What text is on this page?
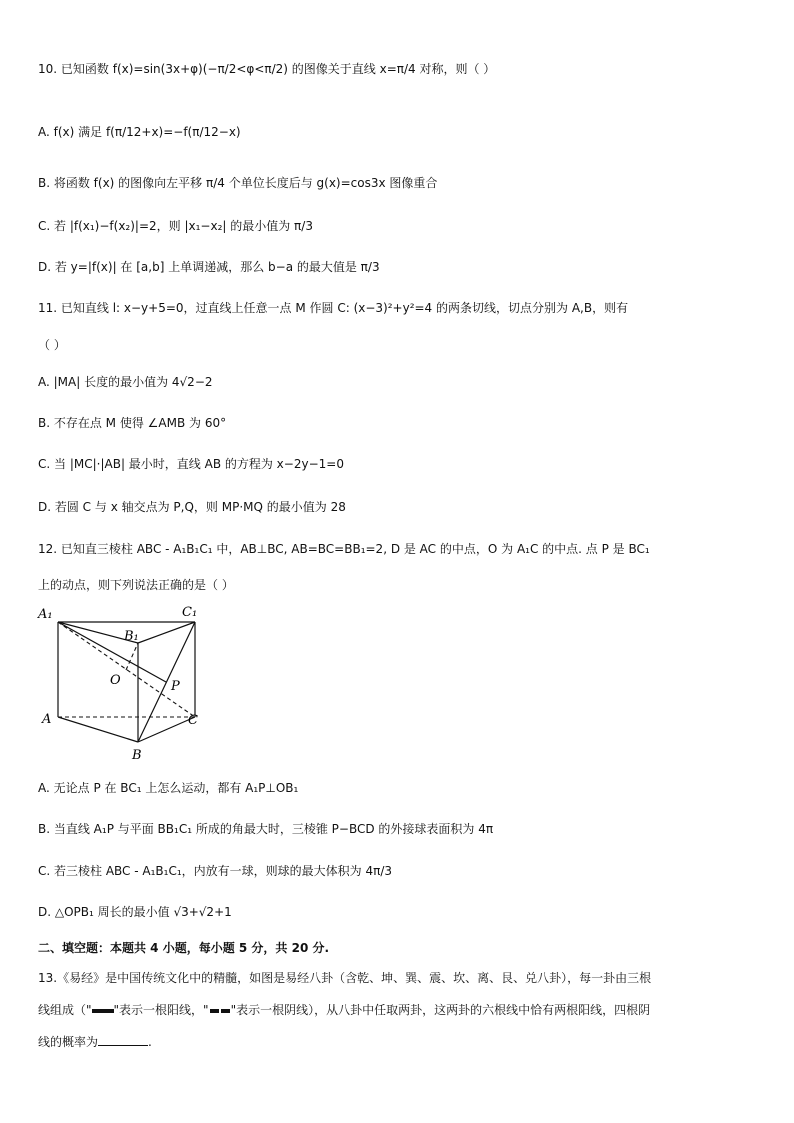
10. 已知函数 f(x)=sin(3x+φ)(−π/2<φ<π/2) 的图像关于直线 x=π/4 对称，则（ ）
A. f(x) 满足 f(π/12+x)=−f(π/12−x)
B. 将函数 f(x) 的图像向左平移 π/4 个单位长度后与 g(x)=cos3x 图像重合
C. 若 |f(x₁)−f(x₂)|=2，则 |x₁−x₂| 的最小值为 π/3
D. 若 y=|f(x)| 在 [a,b] 上单调递减，那么 b−a 的最大值是 π/3
11. 已知直线 l: x−y+5=0，过直线上任意一点 M 作圆 C: (x−3)²+y²=4 的两条切线，切点分别为 A,B，则有
（ ）
A. |MA| 长度的最小值为 4√2−2
B. 不存在点 M 使得 ∠AMB 为 60°
C. 当 |MC|·|AB| 最小时，直线 AB 的方程为 x−2y−1=0
D. 若圆 C 与 x 轴交点为 P,Q，则 MP·MQ 的最小值为 28
12. 已知直三棱柱 ABC - A₁B₁C₁ 中，AB⊥BC, AB=BC=BB₁=2, D 是 AC 的中点，O 为 A₁C 的中点. 点 P 是 BC₁
上的动点，则下列说法正确的是（ ）
A₁	C₁
B₁
O	P
A	C
B
A. 无论点 P 在 BC₁ 上怎么运动，都有 A₁P⊥OB₁
B. 当直线 A₁P 与平面 BB₁C₁ 所成的角最大时，三棱锥 P−BCD 的外接球表面积为 4π
C. 若三棱柱 ABC - A₁B₁C₁，内放有一球，则球的最大体积为 4π/3
D. △OPB₁ 周长的最小值 √3+√2+1
二、填空题：本题共 4 小题，每小题 5 分，共 20 分.
13.《易经》是中国传统文化中的精髓，如图是易经八卦（含乾、坤、巽、震、坎、离、艮、兑八卦），每一卦由三根
线组成（" "表示一根阳线，" "表示一根阴线），从八卦中任取两卦，这两卦的六根线中恰有两根阳线，四根阴
线的概率为	.
